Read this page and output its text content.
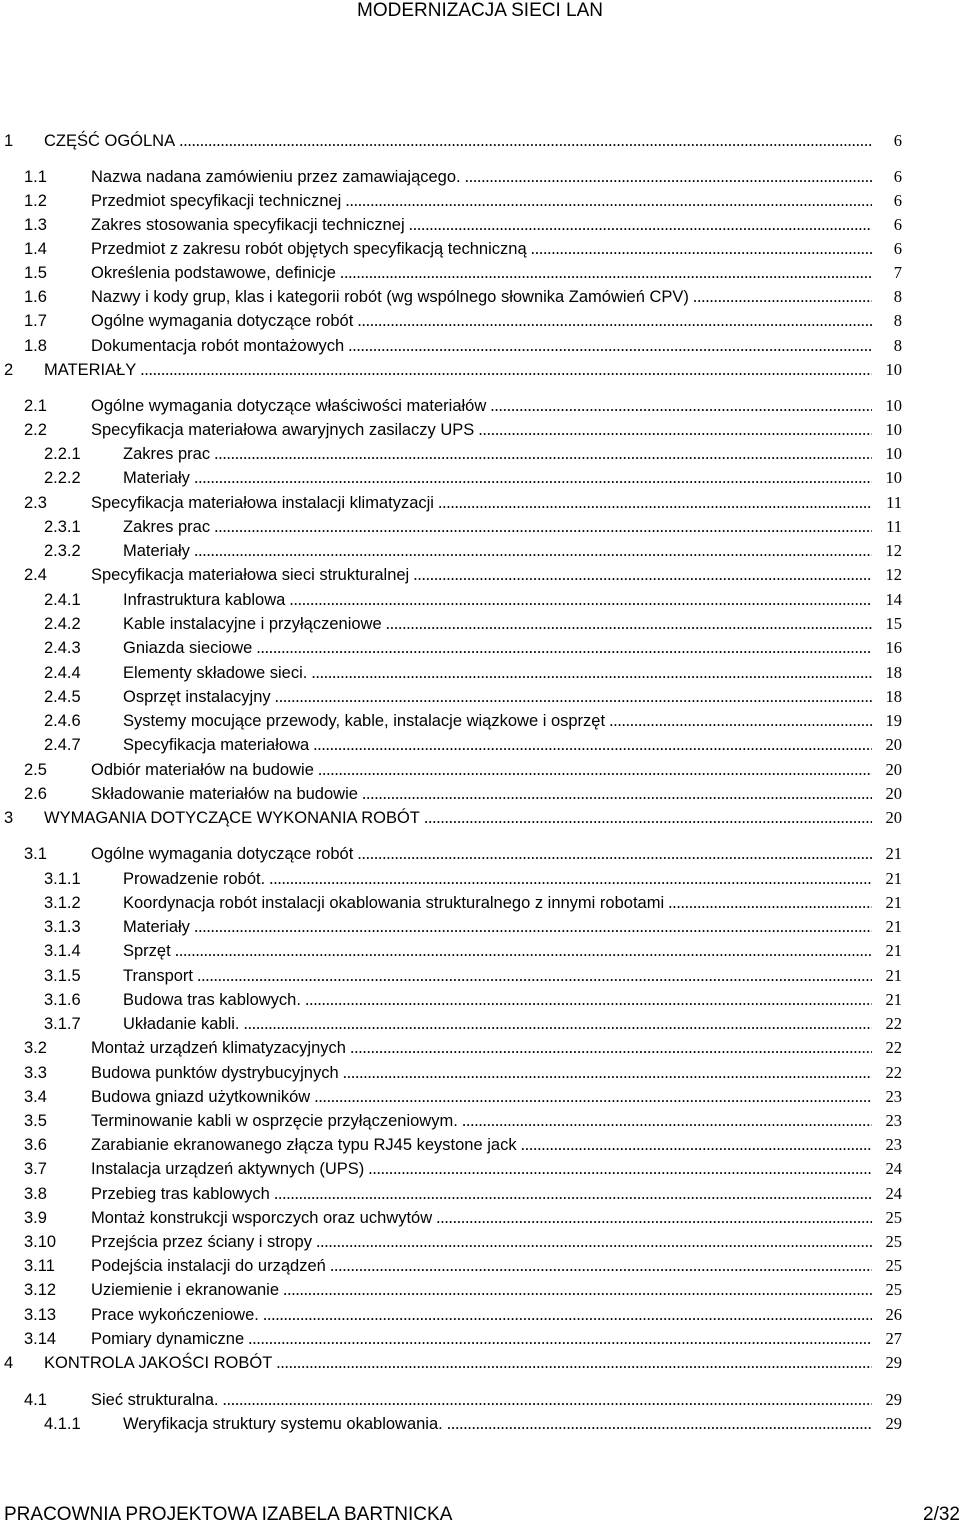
MODERNIZACJA SIECI LAN
1 CZĘŚĆ OGÓLNA .....	6
1.1	Nazwa nadana zamówieniu przez zamawiającego. .....	6
1.2	Przedmiot specyfikacji technicznej .....	6
1.3	Zakres stosowania specyfikacji technicznej .....	6
1.4	Przedmiot z zakresu robót objętych specyfikacją techniczną .....	6
1.5	Określenia podstawowe, definicje .....	7
1.6	Nazwy i kody grup, klas i kategorii robót (wg wspólnego słownika Zamówień CPV) .....	8
1.7	Ogólne wymagania dotyczące robót .....	8
1.8	Dokumentacja robót montażowych .....	8
2 MATERIAŁY .....	10
2.1	Ogólne wymagania dotyczące właściwości materiałów .....	10
2.2	Specyfikacja materiałowa awaryjnych zasilaczy UPS .....	10
2.2.1	Zakres prac .....	10
2.2.2	Materiały .....	10
2.3	Specyfikacja materiałowa instalacji klimatyzacji .....	11
2.3.1	Zakres prac .....	11
2.3.2	Materiały .....	12
2.4	Specyfikacja materiałowa sieci strukturalnej .....	12
2.4.1	Infrastruktura kablowa .....	14
2.4.2	Kable instalacyjne i przyłączeniowe .....	15
2.4.3	Gniazda sieciowe .....	16
2.4.4	Elementy składowe sieci. .....	18
2.4.5	Osprzęt instalacyjny .....	18
2.4.6	Systemy mocujące przewody, kable, instalacje wiązkowe i osprzęt .....	19
2.4.7	Specyfikacja materiałowa .....	20
2.5	Odbiór materiałów na budowie .....	20
2.6	Składowanie materiałów na budowie .....	20
3 WYMAGANIA DOTYCZĄCE WYKONANIA ROBÓT .....	20
3.1	Ogólne wymagania dotyczące robót .....	21
3.1.1	Prowadzenie robót. .....	21
3.1.2	Koordynacja robót instalacji okablowania strukturalnego z innymi robotami .....	21
3.1.3	Materiały .....	21
3.1.4	Sprzęt .....	21
3.1.5	Transport .....	21
3.1.6	Budowa tras kablowych. .....	21
3.1.7	Układanie kabli. .....	22
3.2	Montaż urządzeń klimatyzacyjnych .....	22
3.3	Budowa punktów dystrybucyjnych .....	22
3.4	Budowa gniazd użytkowników .....	23
3.5	Terminowanie kabli w osprzęcie przyłączeniowym. .....	23
3.6	Zarabianie ekranowanego złącza typu RJ45 keystone jack .....	23
3.7	Instalacja urządzeń aktywnych (UPS) .....	24
3.8	Przebieg tras kablowych .....	24
3.9	Montaż konstrukcji wsporczych oraz uchwytów .....	25
3.10 Przejścia przez ściany i stropy .....	25
3.11 Podejścia instalacji do urządzeń .....	25
3.12 Uziemienie i ekranowanie .....	25
3.13 Prace wykończeniowe. .....	26
3.14 Pomiary dynamiczne .....	27
4 KONTROLA JAKOŚCI ROBÓT .....	29
4.1	Sieć strukturalna. .....	29
4.1.1	Weryfikacja struktury systemu okablowania. .....	29
PRACOWNIA PROJEKTOWA IZABELA BARTNICKA	2/32
